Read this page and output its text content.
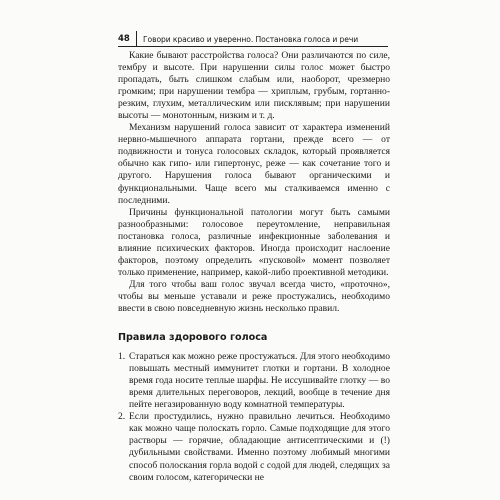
48	Говори красиво и уверенно. Постановка голоса и речи

Какие бывают расстройства голоса? Они различаются по силе, тембру и высоте. При нарушении силы голос может быстро пропадать, быть слишком слабым или, наоборот, чрезмерно громким; при нарушении тембра — хриплым, грубым, гортанно-резким, глухим, металлическим или писклявым; при нарушении высоты — монотонным, низким и т. д.

Механизм нарушений голоса зависит от характера изменений нервно-мышечного аппарата гортани, прежде всего — от подвижности и тонуса голосовых складок, который проявляется обычно как гипо- или гипертонус, реже — как сочетание того и другого. Нарушения голоса бывают органическими и функциональными. Чаще всего мы сталкиваемся именно с последними.

Причины функциональной патологии могут быть самыми разнообразными: голосовое переутомление, неправильная постановка голоса, различные инфекционные заболевания и влияние психических факторов. Иногда происходит наслоение факторов, поэтому определить «пусковой» момент позволяет только применение, например, какой-либо проективной методики.

Для того чтобы ваш голос звучал всегда чисто, «проточно», чтобы вы меньше уставали и реже простужались, необходимо ввести в свою повседневную жизнь несколько правил.

Правила здорового голоса
1. Стараться как можно реже простужаться. Для этого необходимо повышать местный иммунитет глотки и гортани. В холодное время года носите теплые шарфы. Не иссушивайте глотку — во время длительных переговоров, лекций, вообще в течение дня пейте негазированную воду комнатной температуры.
2. Если простудились, нужно правильно лечиться. Необходимо как можно чаще полоскать горло. Самые подходящие для этого растворы — горячие, обладающие антисептическими и (!) дубильными свойствами. Именно поэтому любимый многими способ полоскания горла водой с содой для людей, следящих за своим голосом, категорически не
